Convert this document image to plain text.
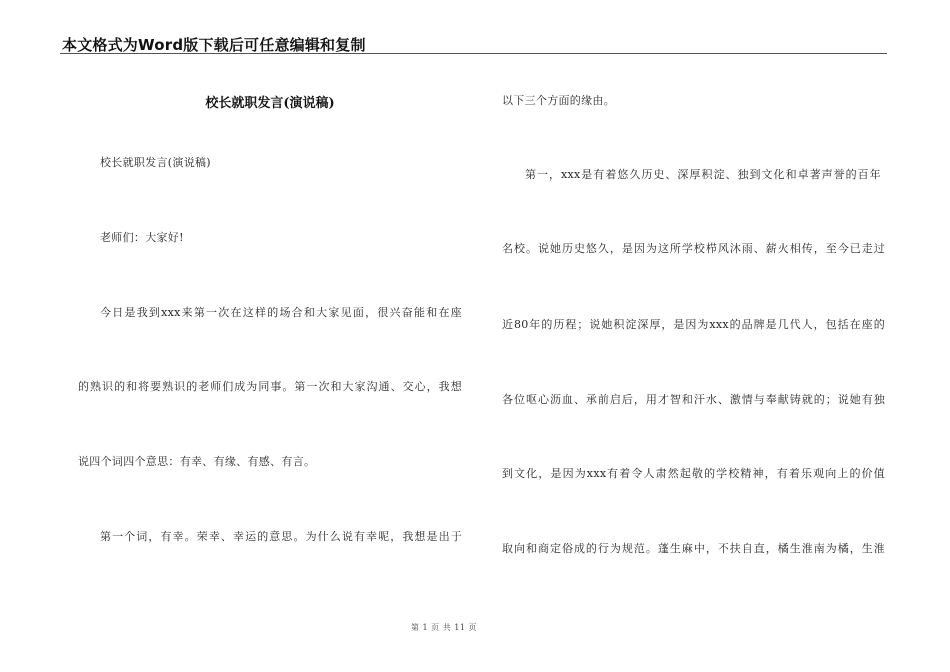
本文格式为Word版下载后可任意编辑和复制
校长就职发言(演说稿)
校长就职发言(演说稿)
老师们：大家好!
今日是我到xxx来第一次在这样的场合和大家见面，很兴奋能和在座
的熟识的和将要熟识的老师们成为同事。第一次和大家沟通、交心，我想
说四个词四个意思：有幸、有缘、有感、有言。
第一个词，有幸。荣幸、幸运的意思。为什么说有幸呢，我想是出于
以下三个方面的缘由。
第一，xxx是有着悠久历史、深厚积淀、独到文化和卓著声誉的百年
名校。说她历史悠久，是因为这所学校栉风沐雨、薪火相传，至今已走过
近80年的历程；说她积淀深厚，是因为xxx的品牌是几代人，包括在座的
各位呕心沥血、承前启后，用才智和汗水、激情与奉献铸就的；说她有独
到文化，是因为xxx有着令人肃然起敬的学校精神，有着乐观向上的价值
取向和商定俗成的行为规范。蓬生麻中，不扶自直，橘生淮南为橘，生淮
第 1 页 共 11 页
